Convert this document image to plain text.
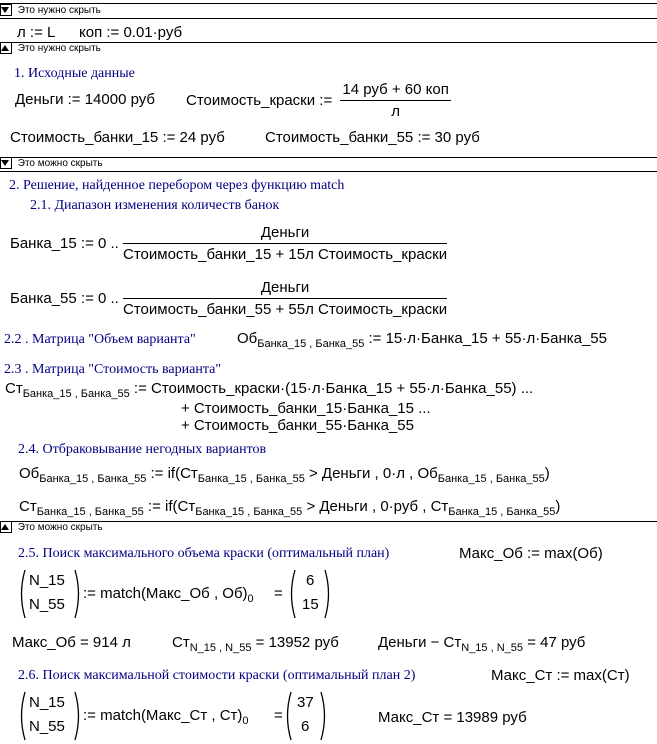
Это нужно скрыть
л := L коп := 0.01·руб
Это нужно скрыть
1. Исходные данные
Деньги := 14000 руб Стоимость_краски := $\frac{\text{14 руб + 60 коп}}{л}$
Стоимость_банки_15 := 24 руб	Стоимость_банки_55 := 30 руб
Это можно скрыть
2. Решение, найденное перебором через функцию match
2.1. Диапазон изменения количеств банок
Банка_15 := 0 .. $\frac{\text{Деньги}}{\text{Стоимость\_банки\_15 + 15л Стоимость\_краски}}$
Банка_55 := 0 .. $\frac{\text{Деньги}}{\text{Стоимость\_банки\_55 + 55л Стоимость\_краски}}$
2.2 . Матрица "Объем варианта"	$Об_{Банка\_15 , Банка\_55}$ := 15·л·Банка_15 + 55·л·Банка_55
2.3 . Матрица "Стоимость варианта"
$Ст_{Банка\_15 , Банка\_55}$ := Стоимость_краски·(15·л·Банка_15 + 55·л·Банка_55) ...
+ Стоимость_банки_15·Банка_15 ...
+ Стоимость_банки_55·Банка_55
2.4. Отбраковывание негодных вариантов
$Об_{Банка\_15 , Банка\_55}$ := $if(Ст_{Банка\_15 , Банка\_55}$ > Деньги , 0·л , $Об_{Банка\_15 , Банка\_55}$)
$Ст_{Банка\_15 , Банка\_55}$ := $if(Ст_{Банка\_15 , Банка\_55}$ > Деньги , 0·руб , $Ст_{Банка\_15 , Банка\_55}$)
Это можно скрыть
2.5. Поиск максимального объема краски (оптимальный план)	Макс_Об := max(Об)
N_15
N_55
:= match(Макс_Об , $Об)_0$ =
6
15
Макс_Об = 914 л	$Ст_{N\_15 , N\_55} = 13952$ руб	Деньги − $Ст_{N\_15 , N\_55} = 47$ руб
2.6. Поиск максимальной стоимости краски (оптимальный план 2)	Макс_Ст := max(Ст)
N_15
N_55
:= match(Макс_Ст , $Ст)_0$ =
37
6
Макс_Ст = 13989 руб
